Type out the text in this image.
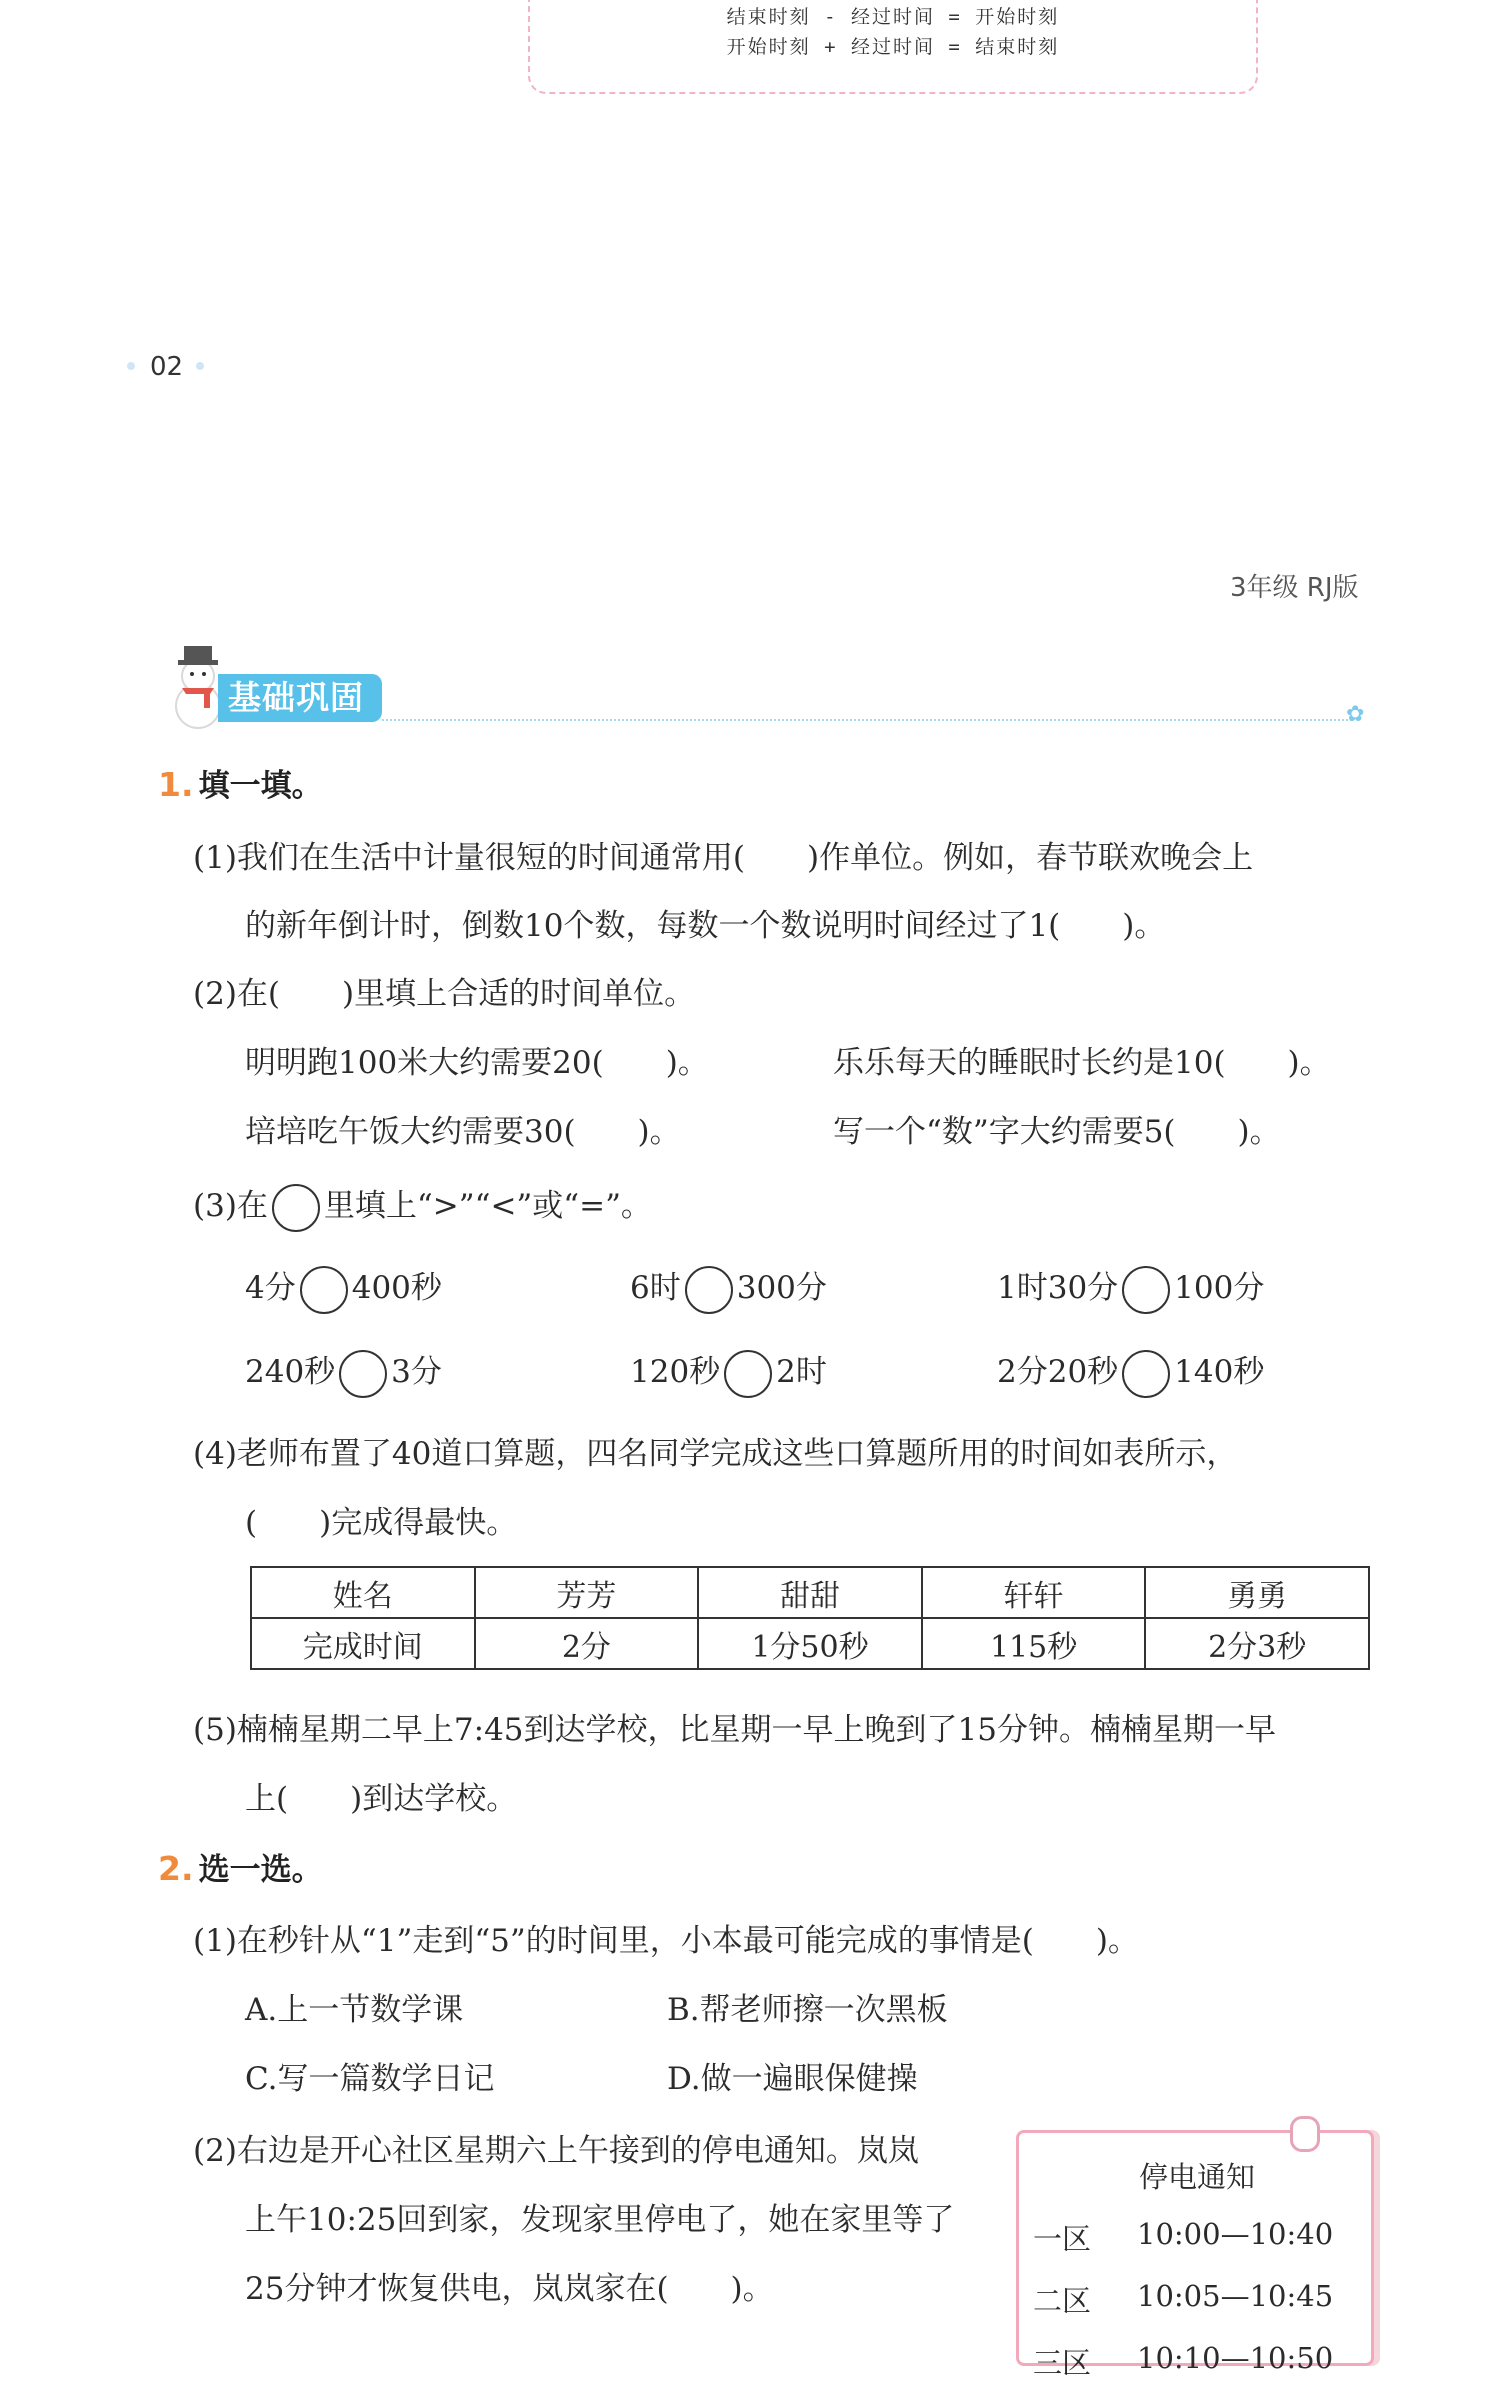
结束时刻 - 经过时间 = 开始时刻
开始时刻 + 经过时间 = 结束时刻
02
3年级 RJ版
基础巩固	✿
1. 填一填。
(1)我们在生活中计量很短的时间通常用(　　)作单位。例如，春节联欢晚会上
的新年倒计时，倒数10个数，每数一个数说明时间经过了1(　　)。
(2)在(　　)里填上合适的时间单位。
明明跑100米大约需要20(　　)。	乐乐每天的睡眠时长约是10(　　)。
培培吃午饭大约需要30(　　)。	写一个“数”字大约需要5(　　)。
(3)在 里填上“>”“<”或“=”。
4分 400秒	6时 300分	1时30分 100分
240秒 3分	120秒 2时	2分20秒 140秒
(4)老师布置了40道口算题，四名同学完成这些口算题所用的时间如表所示，
(　　)完成得最快。
姓名	芳芳	甜甜	轩轩	勇勇
完成时间	2分	1分50秒	115秒	2分3秒
(5)楠楠星期二早上7:45到达学校，比星期一早上晚到了15分钟。楠楠星期一早
上(　　)到达学校。
2. 选一选。
(1)在秒针从“1”走到“5”的时间里，小本最可能完成的事情是(　　)。
A.上一节数学课	B.帮老师擦一次黑板
C.写一篇数学日记	D.做一遍眼保健操
(2)右边是开心社区星期六上午接到的停电通知。岚岚
上午10:25回到家，发现家里停电了，她在家里等了
25分钟才恢复供电，岚岚家在(　　)。
停电通知
一区 10:00—10:40
二区 10:05—10:45
三区 10:10—10:50
